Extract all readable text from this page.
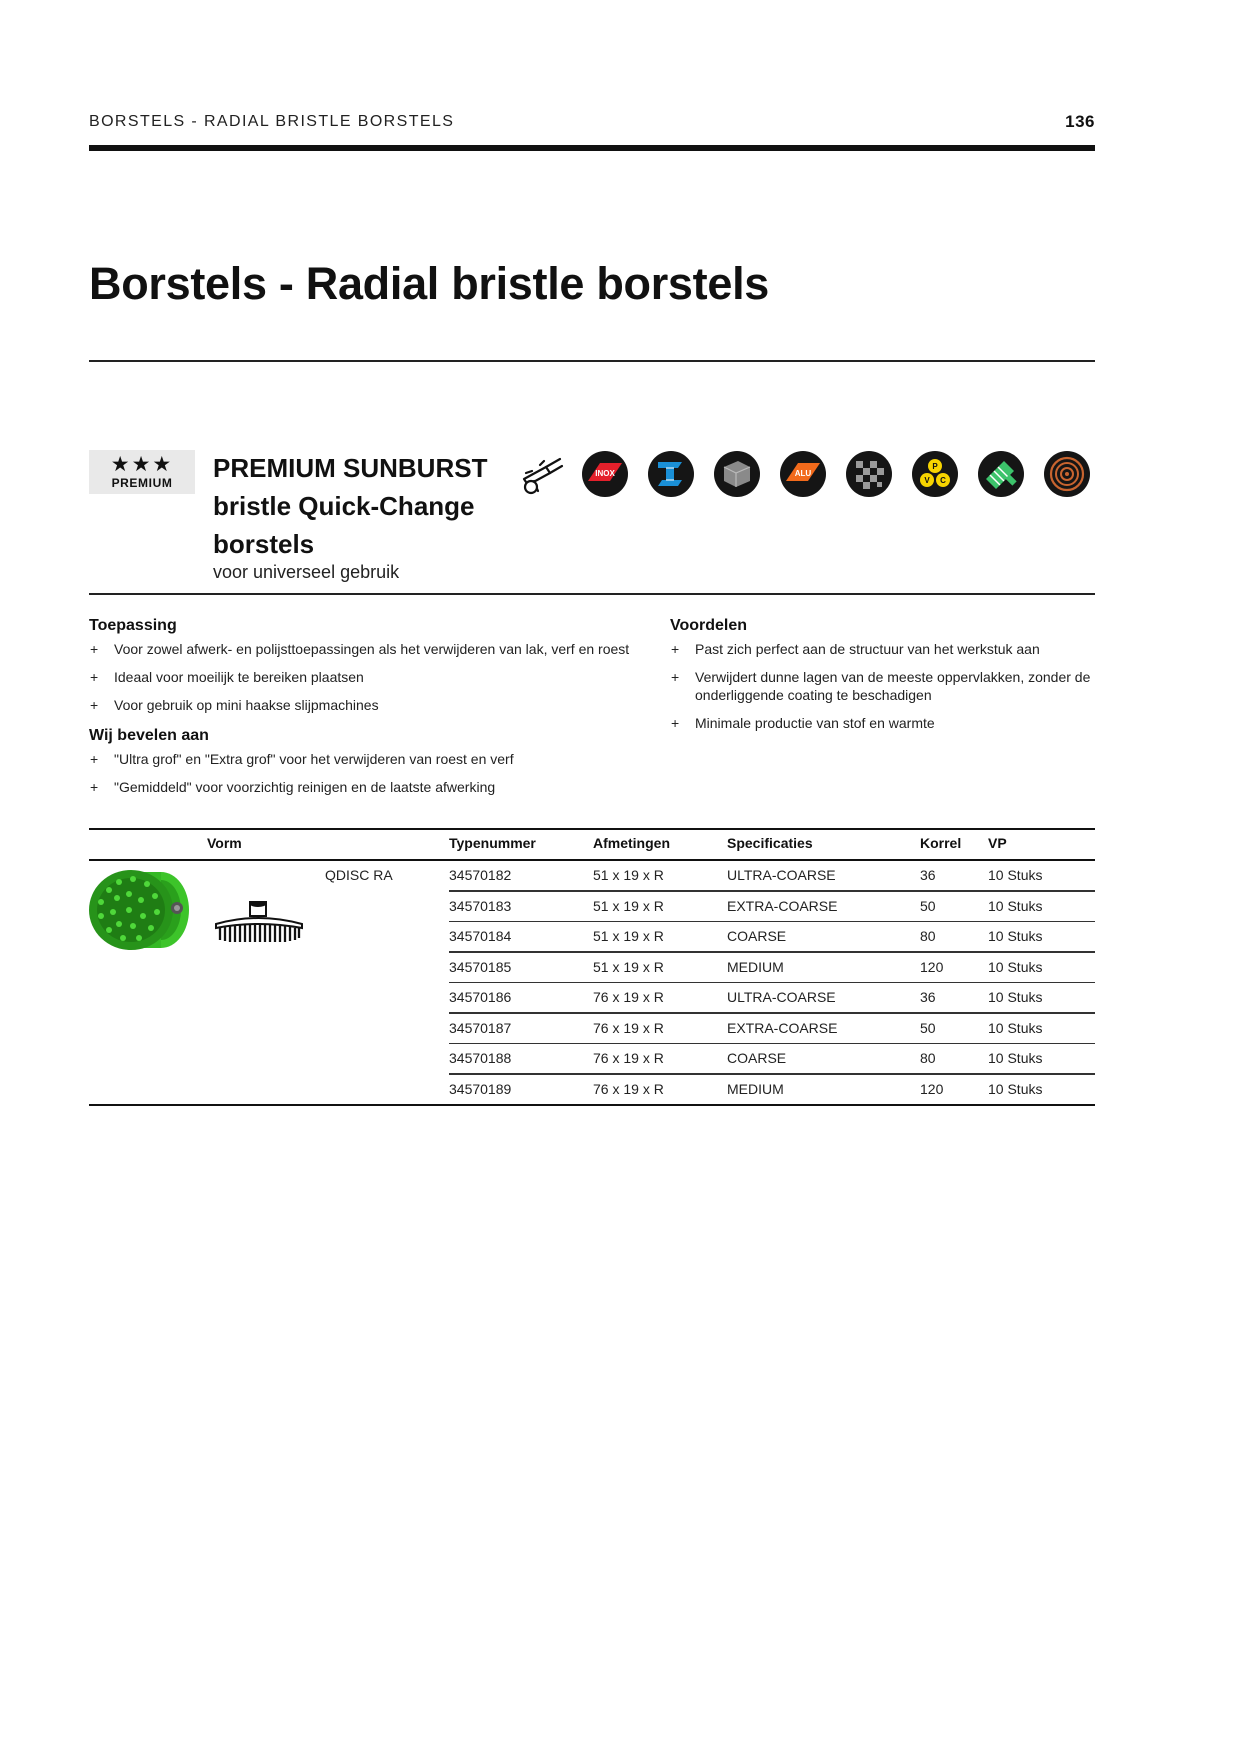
BORSTELS - RADIAL BRISTLE BORSTELS	136
Borstels - Radial bristle borstels
★★★
PREMIUM	PREMIUM SUNBURST
bristle Quick-Change
borstels
voor universeel gebruik
INOX	ALU
P
V C
Toepassing
+ Voor zowel afwerk- en polijsttoepassingen als het verwijderen van lak, verf en roest
+ Ideaal voor moeilijk te bereiken plaatsen
+ Voor gebruik op mini haakse slijpmachines
Wij bevelen aan
+ "Ultra grof" en "Extra grof" voor het verwijderen van roest en verf
+ "Gemiddeld" voor voorzichtig reinigen en de laatste afwerking
Voordelen
+ Past zich perfect aan de structuur van het werkstuk aan
+ Verwijdert dunne lagen van de meeste oppervlakken, zonder de onderliggende coating te beschadigen
+ Minimale productie van stof en warmte
Vorm	Typenummer	Afmetingen	Specificaties	Korrel VP
QDISC RA	34570182	51 x 19 x R	ULTRA-COARSE	36	10 Stuks
34570183	51 x 19 x R	EXTRA-COARSE	50	10 Stuks
34570184	51 x 19 x R	COARSE	80	10 Stuks
34570185	51 x 19 x R	MEDIUM	120	10 Stuks
34570186	76 x 19 x R	ULTRA-COARSE	36	10 Stuks
34570187	76 x 19 x R	EXTRA-COARSE	50	10 Stuks
34570188	76 x 19 x R	COARSE	80	10 Stuks
34570189	76 x 19 x R	MEDIUM	120	10 Stuks
